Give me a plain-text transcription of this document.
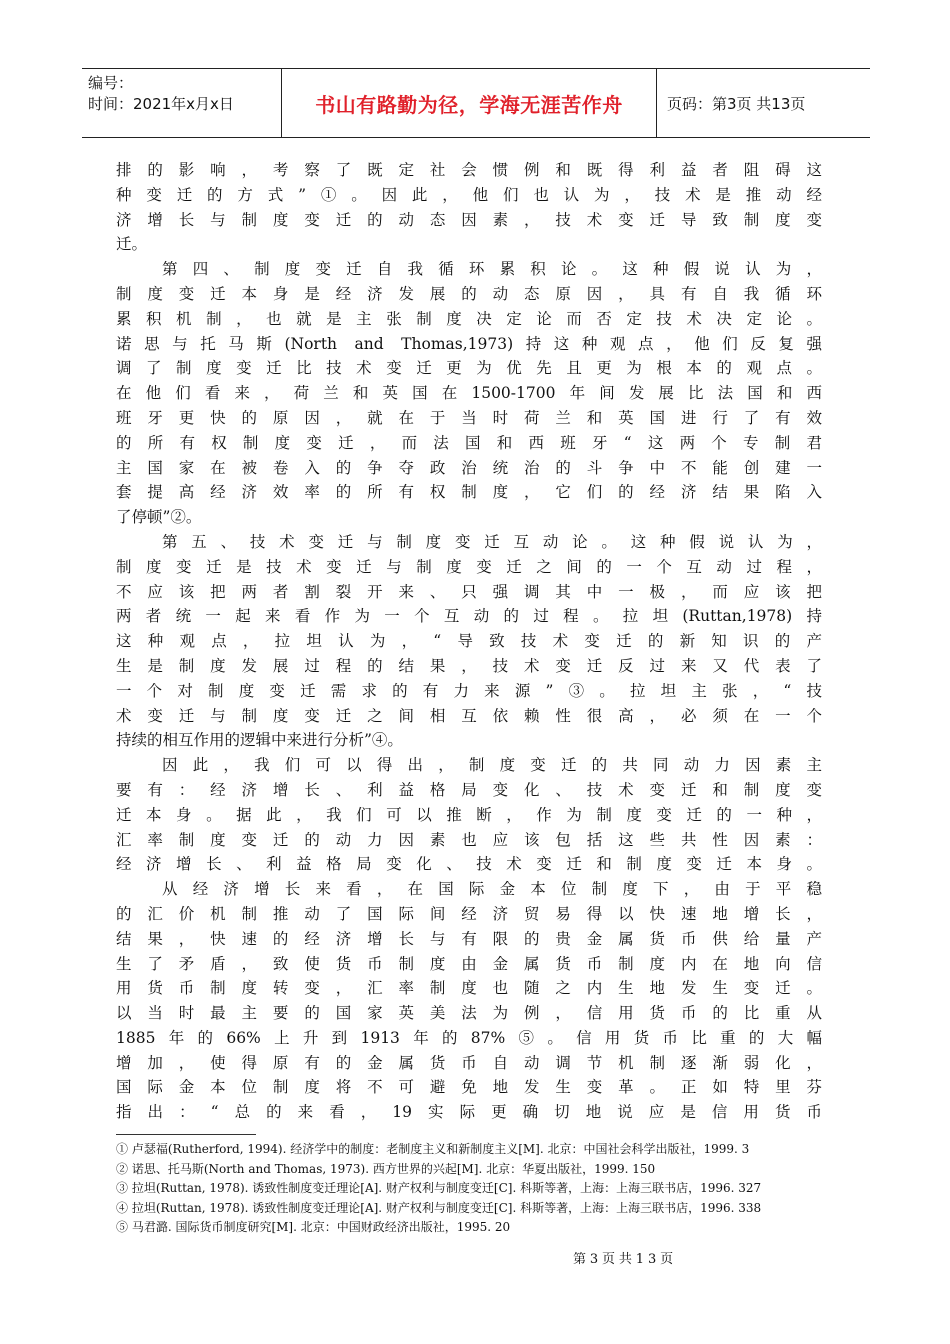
编号：
时间：2021年x月x日	书山有路勤为径，学海无涯苦作舟	页码：第3页 共13页
排的影响，考察了既定社会惯例和既得利益者阻碍这
种变迁的方式”①。因此，他们也认为，技术是推动经
济增长与制度变迁的动态因素，技术变迁导致制度变
迁。
第四、制度变迁自我循环累积论。这种假说认为，
制度变迁本身是经济发展的动态原因，具有自我循环
累积机制，也就是主张制度决定论而否定技术决定论。
诺思与托马斯(North and Thomas,1973)持这种观点，他们反复强
调了制度变迁比技术变迁更为优先且更为根本的观点。
在他们看来，荷兰和英国在1500-1700年间发展比法国和西
班牙更快的原因，就在于当时荷兰和英国进行了有效
的所有权制度变迁，而法国和西班牙“这两个专制君
主国家在被卷入的争夺政治统治的斗争中不能创建一
套提高经济效率的所有权制度，它们的经济结果陷入
了停顿”②。
第五、技术变迁与制度变迁互动论。这种假说认为，
制度变迁是技术变迁与制度变迁之间的一个互动过程，
不应该把两者割裂开来、只强调其中一极，而应该把
两者统一起来看作为一个互动的过程。拉坦(Ruttan,1978)持
这种观点，拉坦认为，“导致技术变迁的新知识的产
生是制度发展过程的结果，技术变迁反过来又代表了
一个对制度变迁需求的有力来源”③。拉坦主张，“技
术变迁与制度变迁之间相互依赖性很高，必须在一个
持续的相互作用的逻辑中来进行分析”④。
因此，我们可以得出，制度变迁的共同动力因素主
要有：经济增长、利益格局变化、技术变迁和制度变
迁本身。据此，我们可以推断，作为制度变迁的一种，
汇率制度变迁的动力因素也应该包括这些共性因素：
经济增长、利益格局变化、技术变迁和制度变迁本身。
从经济增长来看，在国际金本位制度下，由于平稳
的汇价机制推动了国际间经济贸易得以快速地增长，
结果，快速的经济增长与有限的贵金属货币供给量产
生了矛盾，致使货币制度由金属货币制度内在地向信
用货币制度转变，汇率制度也随之内生地发生变迁。
以当时最主要的国家英美法为例，信用货币的比重从
1885年的66%上升到1913年的87%⑤。信用货币比重的大幅
增加，使得原有的金属货币自动调节机制逐渐弱化，
国际金本位制度将不可避免地发生变革。正如特里芬
指出：“总的来看，19实际更确切地说应是信用货币
① 卢瑟福(Rutherford, 1994). 经济学中的制度：老制度主义和新制度主义[M]. 北京：中国社会科学出版社，1999. 3
② 诺思、托马斯(North and Thomas, 1973). 西方世界的兴起[M]. 北京：华夏出版社，1999. 150
③ 拉坦(Ruttan, 1978). 诱致性制度变迁理论[A]. 财产权利与制度变迁[C]. 科斯等著，上海：上海三联书店，1996. 327
④ 拉坦(Ruttan, 1978). 诱致性制度变迁理论[A]. 财产权利与制度变迁[C]. 科斯等著，上海：上海三联书店，1996. 338
⑤ 马君潞. 国际货币制度研究[M]. 北京：中国财政经济出版社，1995. 20
第3页共13页
